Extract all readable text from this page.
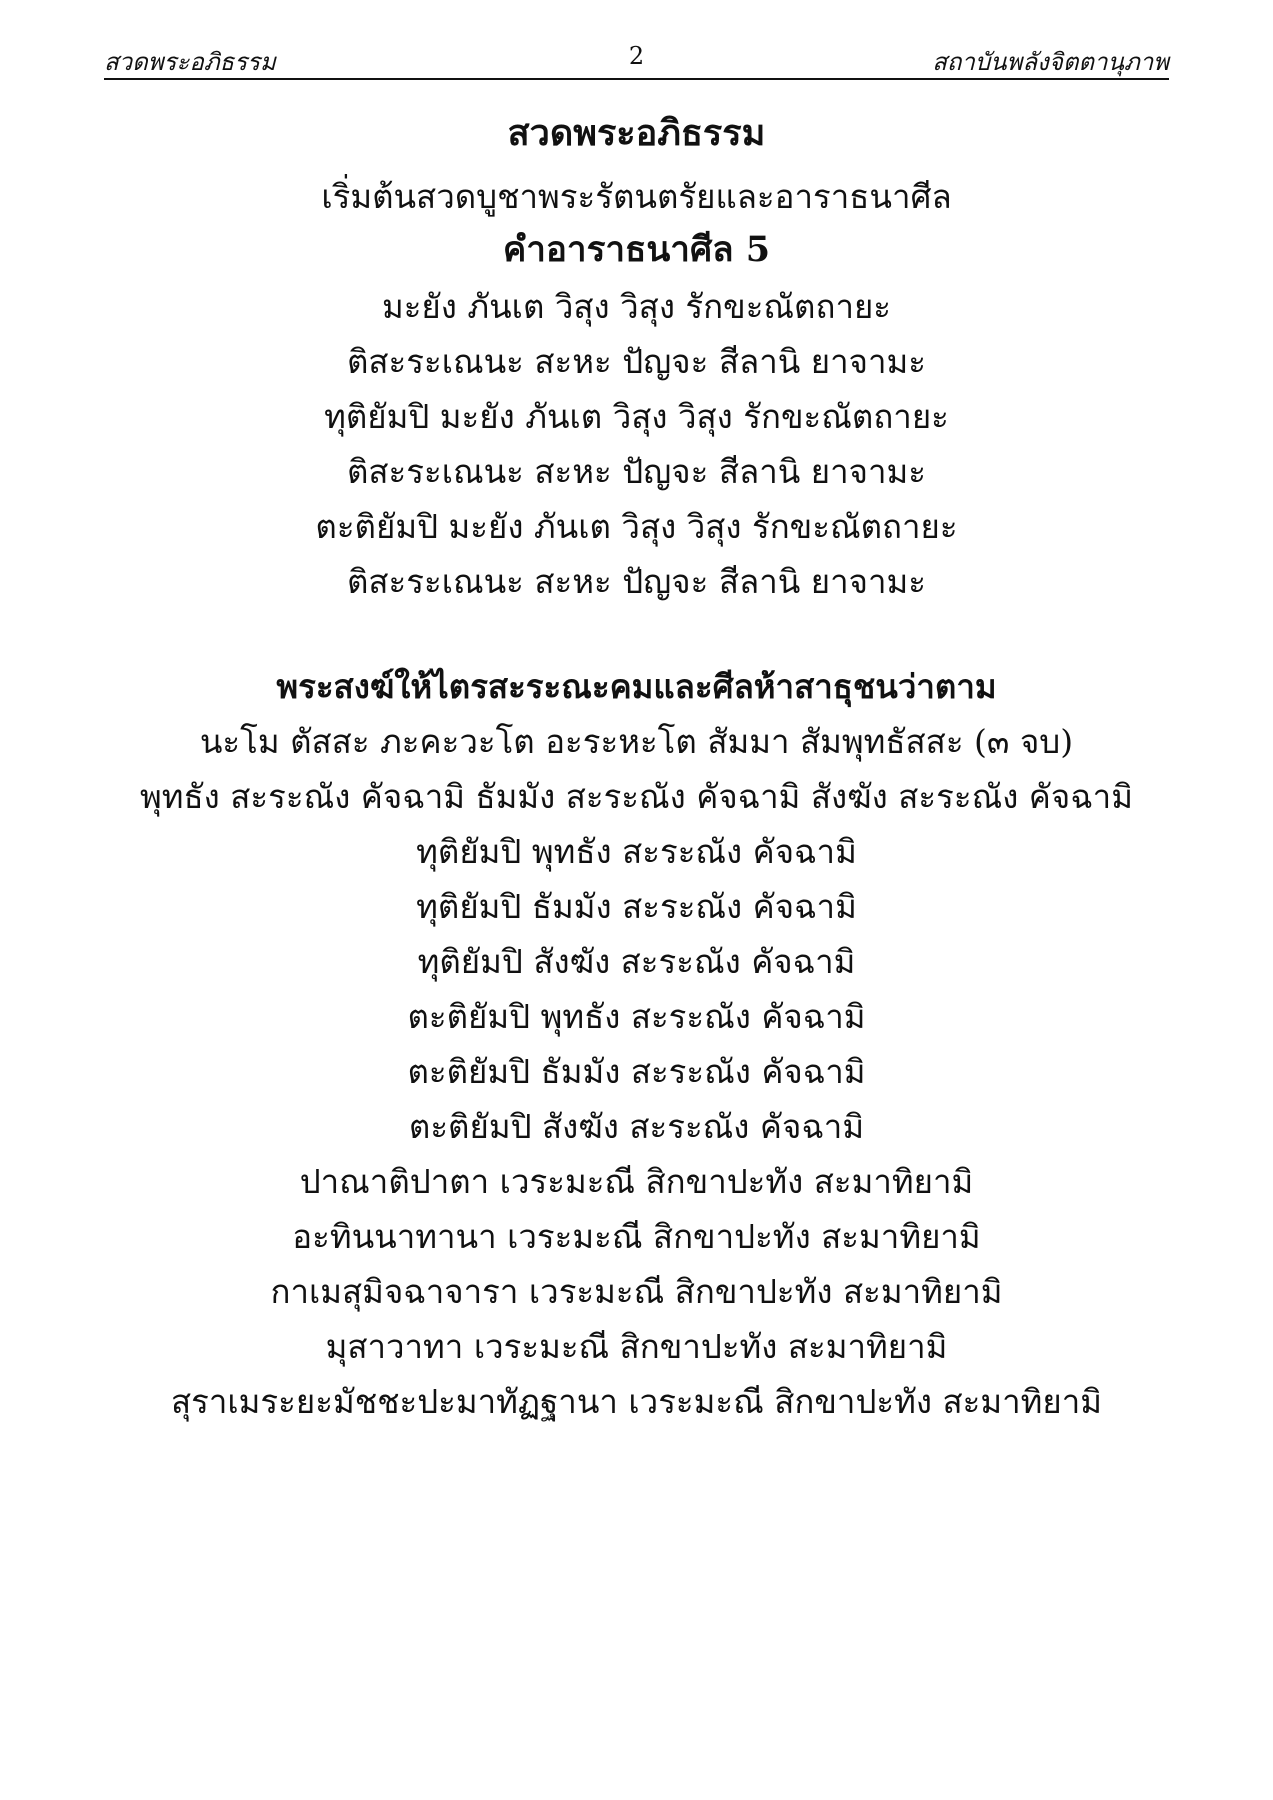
สวดพระอภิธรรม	2	สถาบันพลังจิตตานุภาพ
สวดพระอภิธรรม
เริ่มต้นสวดบูชาพระรัตนตรัยและอาราธนาศีล
คำอาราธนาศีล 5
มะยัง ภันเต วิสุง วิสุง รักขะณัตถายะ
ติสะระเณนะ สะหะ ปัญจะ สีลานิ ยาจามะ
ทุติยัมปิ มะยัง ภันเต วิสุง วิสุง รักขะณัตถายะ
ติสะระเณนะ สะหะ ปัญจะ สีลานิ ยาจามะ
ตะติยัมปิ มะยัง ภันเต วิสุง วิสุง รักขะณัตถายะ
ติสะระเณนะ สะหะ ปัญจะ สีลานิ ยาจามะ
พระสงฆ์ให้ไตรสะระณะคมและศีลห้าสาธุชนว่าตาม
นะโม ตัสสะ ภะคะวะโต อะระหะโต สัมมา สัมพุทธัสสะ (๓ จบ)
พุทธัง สะระณัง คัจฉามิ ธัมมัง สะระณัง คัจฉามิ สังฆัง สะระณัง คัจฉามิ
ทุติยัมปิ พุทธัง สะระณัง คัจฉามิ
ทุติยัมปิ ธัมมัง สะระณัง คัจฉามิ
ทุติยัมปิ สังฆัง สะระณัง คัจฉามิ
ตะติยัมปิ พุทธัง สะระณัง คัจฉามิ
ตะติยัมปิ ธัมมัง สะระณัง คัจฉามิ
ตะติยัมปิ สังฆัง สะระณัง คัจฉามิ
ปาณาติปาตา เวระมะณี สิกขาปะทัง สะมาทิยามิ
อะทินนาทานา เวระมะณี สิกขาปะทัง สะมาทิยามิ
กาเมสุมิจฉาจารา เวระมะณี สิกขาปะทัง สะมาทิยามิ
มุสาวาทา เวระมะณี สิกขาปะทัง สะมาทิยามิ
สุราเมระยะมัชชะปะมาทัฏฐานา เวระมะณี สิกขาปะทัง สะมาทิยามิ
